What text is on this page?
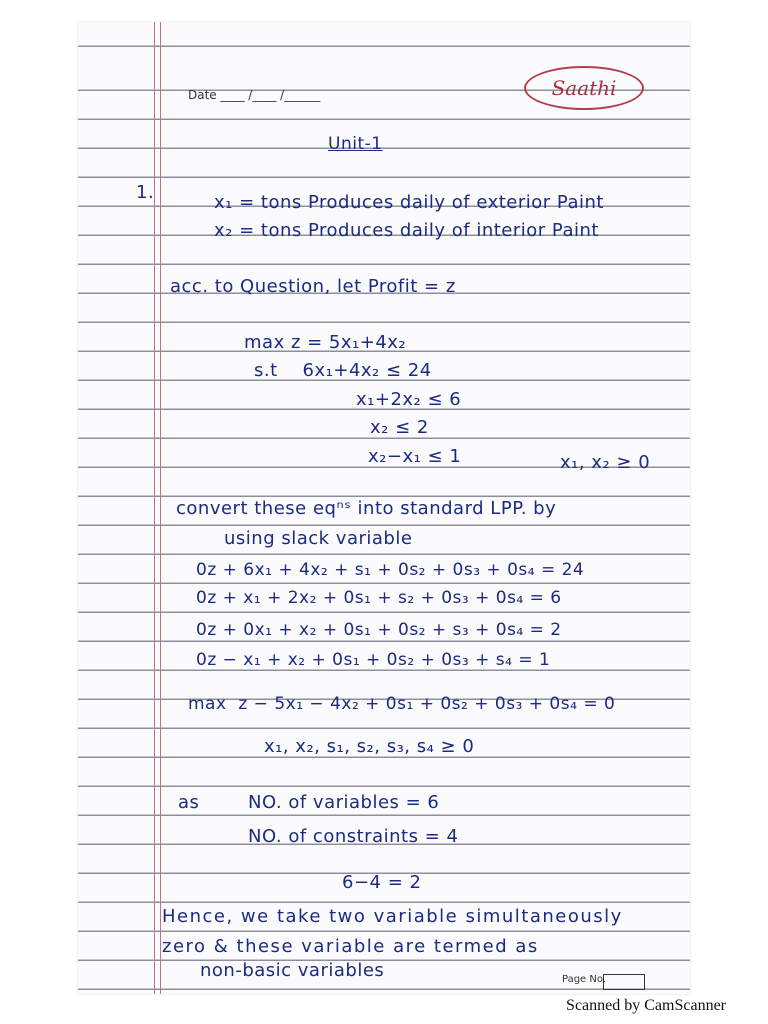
Saathi
Date ____ /____ /______
Unit-1
1.	x₁ = tons Produces daily of exterior Paint
x₂ = tons Produces daily of interior Paint
acc. to Question, let Profit = z
max z = 5x₁+4x₂
s.t    6x₁+4x₂ ≤ 24
x₁+2x₂ ≤ 6
x₂ ≤ 2
x₂−x₁ ≤ 1	x₁, x₂ ≥ 0
convert these eqⁿˢ into standard LPP. by
using slack variable
0z + 6x₁ + 4x₂ + s₁ + 0s₂ + 0s₃ + 0s₄ = 24
0z + x₁ + 2x₂ + 0s₁ + s₂ + 0s₃ + 0s₄ = 6
0z + 0x₁ + x₂ + 0s₁ + 0s₂ + s₃ + 0s₄ = 2
0z − x₁ + x₂ + 0s₁ + 0s₂ + 0s₃ + s₄ = 1
max  z − 5x₁ − 4x₂ + 0s₁ + 0s₂ + 0s₃ + 0s₄ = 0
x₁, x₂, s₁, s₂, s₃, s₄ ≥ 0
as	NO. of variables = 6
NO. of constraints = 4
6−4 = 2
Hence, we take two variable simultaneously
zero & these variable are termed as
non-basic variables	Page No.
Scanned by CamScanner
